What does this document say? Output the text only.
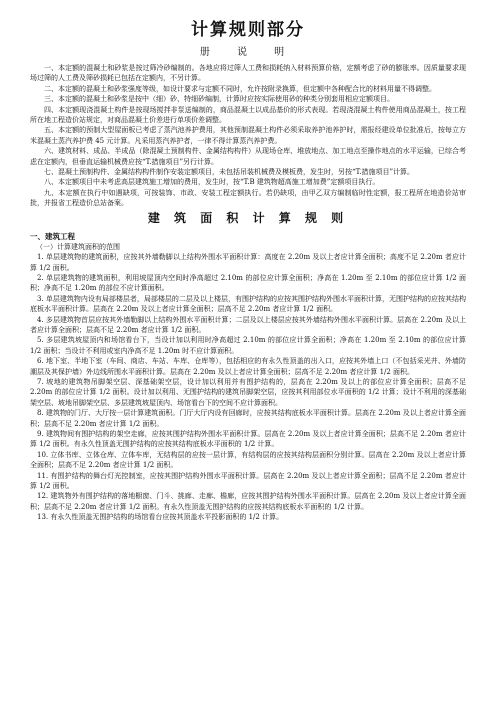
计算规则部分
册 说 明

一、本定额的混凝土和砂浆是按过筛冷砂编制的。各地应将过筛人工费和损耗纳入材料预算价格，定额考虑了砂的膨胀率。因质量要求现场过筛的人工费及筛砂损耗已包括在定额内，不另计算。

二、本定额的混凝土和砂浆强度等级，如设计要求与定额不同时，允许按附录换算，但定额中各种配合比的材料用量不得调整。

三、本定额的混凝土和砂浆是按中（细）砂、特细砂编制，计算时应按实际使用砂的种类分别套用相应定额项目。

四、本定额现浇混凝土构件是按现场搅拌非泵送编制的，商品混凝土以成品基价的形式表现。若现浇混凝土构件使用商品混凝土，按工程所在地工程造价站规定，对商品混凝土价差进行单项价差调整。

五、本定额的预制大型屋面板已考虑了蒸汽池养护费用，其他预制混凝土构件必须采取养护池养护时，需报经建设单位批准后，按每立方米混凝土蒸汽养护费 45 元计算。凡采用蒸汽养护者，一律不得计算蒸汽养护费。

六、建筑材料、成品、半成品（除混凝土预制构件、金属结构构件）从现场仓库、堆放地点、加工地点至操作地点的水平运输，已综合考虑在定额内，但垂直运输机械费应按“T.措施项目”另行计算。

七、混凝土预制构件、金属结构构件制作安装定额项目，未包括吊装机械费及模板费，发生时，另按“T.措施项目”计算。

八、本定额项目中未考虑高层建筑施工增加的费用，发生时，按“T.B 建筑物超高施工增加费”定额项目执行。

九、本定额在执行中如遇缺项，可按装饰、市政、安装工程定额执行。若仍缺项，由甲乙双方编制临时性定额，报工程所在地造价站审批，并报省工程造价总站备案。

建 筑 面 积 计 算 规 则
一、建筑工程
（一）计算建筑面积的范围

1. 单层建筑物的建筑面积，应按其外墙勒脚以上结构外围水平面积计算：高度在 2.20m 及以上者应计算全面积；高度不足 2.20m 者应计算 1/2 面积。

2. 单层建筑物的建筑面积，利用坡屋顶内空间时净高超过 2.10m 的部位应计算全面积；净高在 1.20m 至 2.10m 的部位应计算 1/2 面积；净高不足 1.20m 的部位不应计算面积。

3. 单层建筑物内设有局部楼层者，局部楼层的二层及以上楼层，有围护结构的应按其围护结构外围水平面积计算，无围护结构的应按其结构底板水平面积计算。层高在 2.20m 及以上者应计算全面积；层高不足 2.20m 者应计算 1/2 面积。

4. 多层建筑物首层应按其外墙勒脚以上结构外围水平面积计算；二层及以上楼层应按其外墙结构外围水平面积计算。层高在 2.20m 及以上者应计算全面积；层高不足 2.20m 者应计算 1/2 面积。

5. 多层建筑坡屋顶内和场馆看台下，当设计加以利用时净高超过 2.10m 的部位应计算全面积；净高在 1.20m 至 2.10m 的部位应计算 1/2 面积；当设计不利用或室内净高不足 1.20m 时不应计算面积。

6. 地下室、半地下室（车间、商店、车站、车库、仓库等），包括相应的有永久性顶盖的出入口，应按其外墙上口（不包括采光井、外墙防潮层及其保护墙）外边线所围水平面积计算。层高在 2.20m 及以上者应计算全面积；层高不足 2.20m 者应计算 1/2 面积。

7. 坡地的建筑物吊脚架空层、深基础架空层，设计加以利用并有围护结构的，层高在 2.20m 及以上的部位应计算全面积；层高不足 2.20m 的部位应计算 1/2 面积。设计加以利用、无围护结构的建筑吊脚架空层，应按其利用部位水平面积的 1/2 计算；设计不利用的深基础架空层、坡地吊脚架空层、多层建筑坡屋顶内、场馆看台下的空间不应计算面积。

8. 建筑物的门厅、大厅按一层计算建筑面积。门厅大厅内设有回廊时，应按其结构底板水平面积计算。层高在 2.20m 及以上者应计算全面积；层高不足 2.20m 者应计算 1/2 面积。

9. 建筑物间有围护结构的架空走廊，应按其围护结构外围水平面积计算。层高在 2.20m 及以上者应计算全面积；层高不足 2.20m 者应计算 1/2 面积。有永久性顶盖无围护结构的应按其结构底板水平面积的 1/2 计算。

10. 立体书库、立体仓库、立体车库，无结构层的应按一层计算，有结构层的应按其结构层面积分别计算。层高在 2.20m 及以上者应计算全面积；层高不足 2.20m 者应计算 1/2 面积。

11. 有围护结构的舞台灯光控制室，应按其围护结构外围水平面积计算。层高在 2.20m 及以上者应计算全面积；层高不足 2.20m 者应计算 1/2 面积。

12. 建筑物外有围护结构的落地橱窗、门斗、挑廊、走廊、檐廊，应按其围护结构外围水平面积计算。层高在 2.20m 及以上者应计算全面积；层高不足 2.20m 者应计算 1/2 面积。有永久性顶盖无围护结构的应按其结构底板水平面积的 1/2 计算。

13. 有永久性顶盖无围护结构的场馆看台应按其顶盖水平投影面积的 1/2 计算。
